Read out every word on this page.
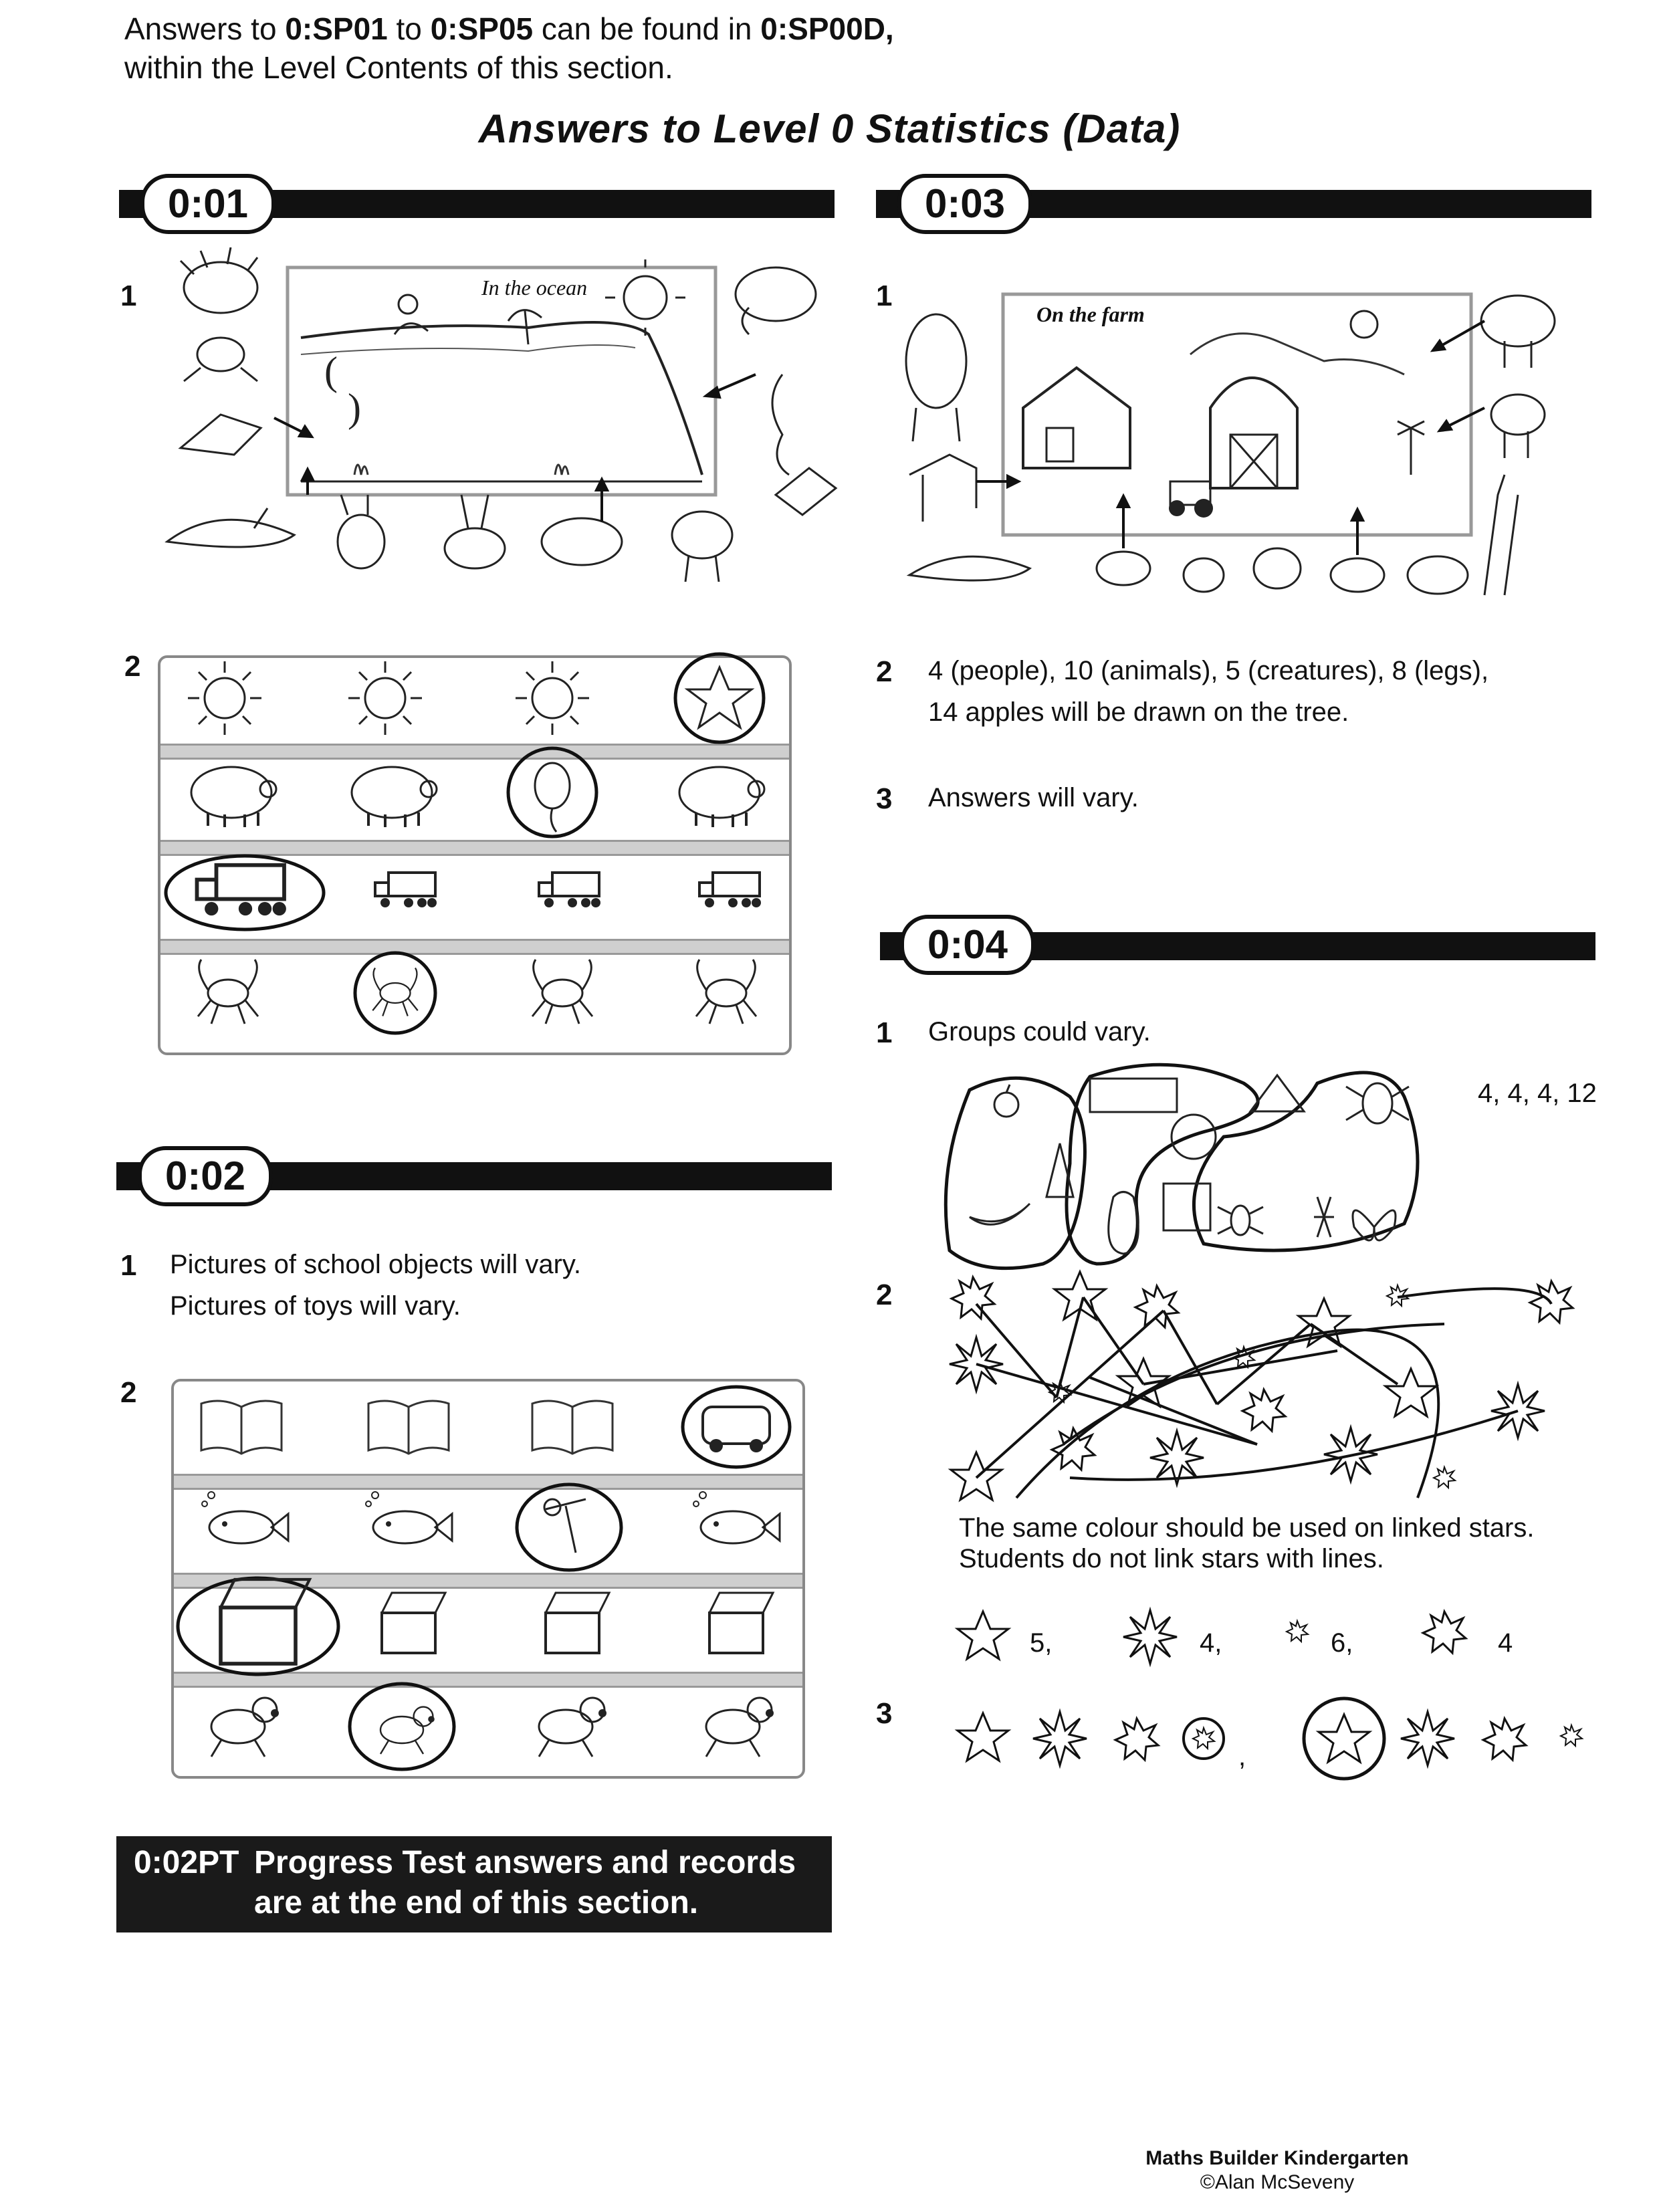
Answers to 0:SP01 to 0:SP05 can be found in 0:SP00D,
within the Level Contents of this section.
Answers to Level 0 Statistics (Data)
0:01
1
(
)
In the ocean
2
0:02
1 Pictures of school objects will vary.
Pictures of toys will vary.
2
0:02PT Progress Test answers and records
are at the end of this section.
0:03
1
On the farm
2 4 (people), 10 (animals), 5 (creatures), 8 (legs),
14 apples will be drawn on the tree.
3 Answers will vary.
0:04
1 Groups could vary.
4, 4, 4, 12
2
The same colour should be used on linked stars.
Students do not link stars with lines.
5,	4,	6,	4
3
,
Maths Builder Kindergarten
©Alan McSeveny
